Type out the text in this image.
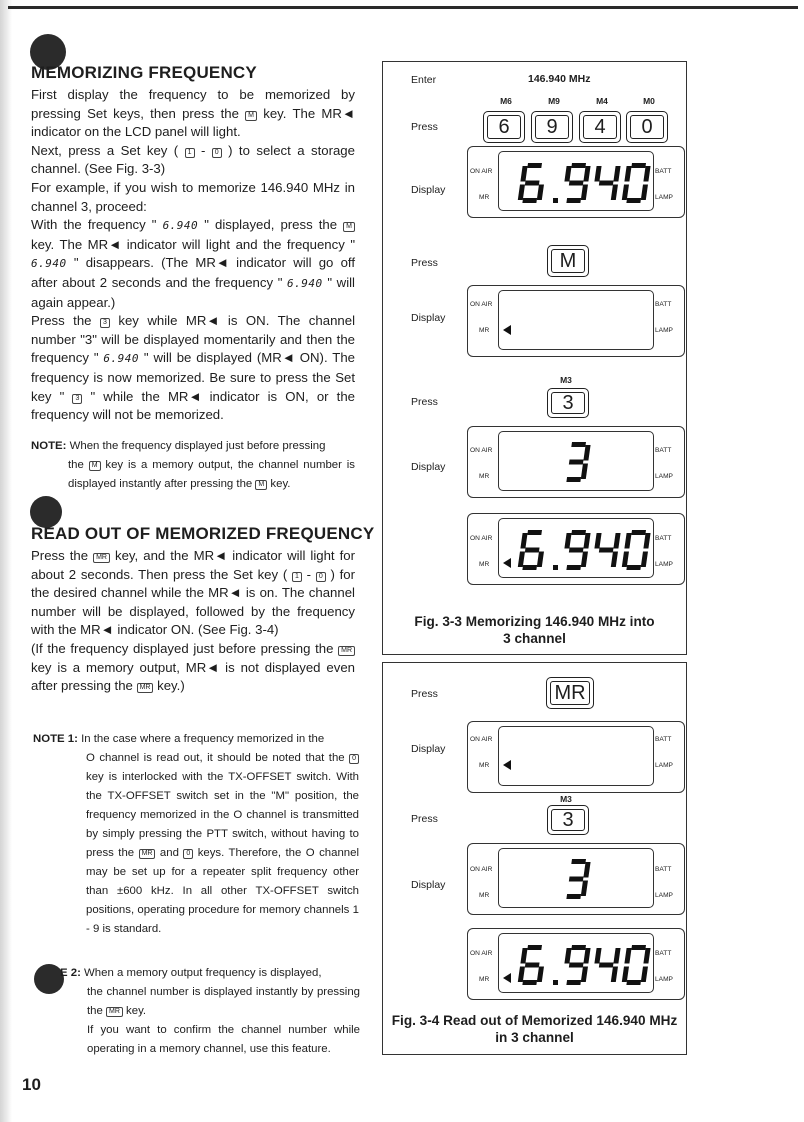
MEMORIZING FREQUENCY

First display the frequency to be memorized by pressing Set keys, then press the M key. The MR◄ indicator on the LCD panel will light.

Next, press a Set key ( 1 - 0 ) to select a storage channel. (See Fig. 3-3)

For example, if you wish to memorize 146.940 MHz in channel 3, proceed:

With the frequency " 6.940 " displayed, press the M key. The MR◄ indicator will light and the frequency " 6.940 " disappears. (The MR◄ indicator will go off after about 2 seconds and the frequency " 6.940 " will again appear.)

Press the 3 key while MR◄ is ON. The channel number "3" will be displayed momentarily and then the frequency " 6.940 " will be displayed (MR◄ ON). The frequency is now memorized. Be sure to press the Set key " 3 " while the MR◄ indicator is ON, or the frequency will not be memorized.

NOTE: When the frequency displayed just before pressing

the M key is a memory output, the channel number is displayed instantly after pressing the M key.

READ OUT OF MEMORIZED FREQUENCY

Press the MR key, and the MR◄ indicator will light for about 2 seconds. Then press the Set key ( 1 - 0 ) for the desired channel while the MR◄ is on. The channel number will be displayed, followed by the frequency with the MR◄ indicator ON. (See Fig. 3-4)

(If the frequency displayed just before pressing the MR key is a memory output, MR◄ is not displayed even after pressing the MR key.)

NOTE 1: In the case where a frequency memorized in the

O channel is read out, it should be noted that the 0 key is interlocked with the TX-OFFSET switch. With the TX-OFFSET switch set in the "M" position, the frequency memorized in the O channel is transmitted by simply pressing the PTT switch, without having to press the MR and 0 keys. Therefore, the O channel may be set up for a repeater split frequency other than ±600 kHz. In all other TX-OFFSET switch positions, operating procedure for memory channels 1 - 9 is standard.

E 2: When a memory output frequency is displayed,

the channel number is displayed instantly by pressing the MR key.

If you want to confirm the channel number while operating in a memory channel, use this feature.

10

Enter	146.940 MHz
M6	M9	M4	M0
Press	6	9	4	0
Display
ON AIR
MR
BATT
LAMP
Press	M
Display
ON AIR
MR
BATT
LAMP
M3
Press	3
Display
ON AIR
MR
BATT
LAMP
ON AIR
MR
BATT
LAMP

Fig. 3-3 Memorizing 146.940 MHz into
3 channel

Press	MR
Display
ON AIR
MR
BATT
LAMP
M3
Press	3
Display
ON AIR
MR
BATT
LAMP
ON AIR
MR
BATT
LAMP

Fig. 3-4 Read out of Memorized 146.940 MHz
in 3 channel
